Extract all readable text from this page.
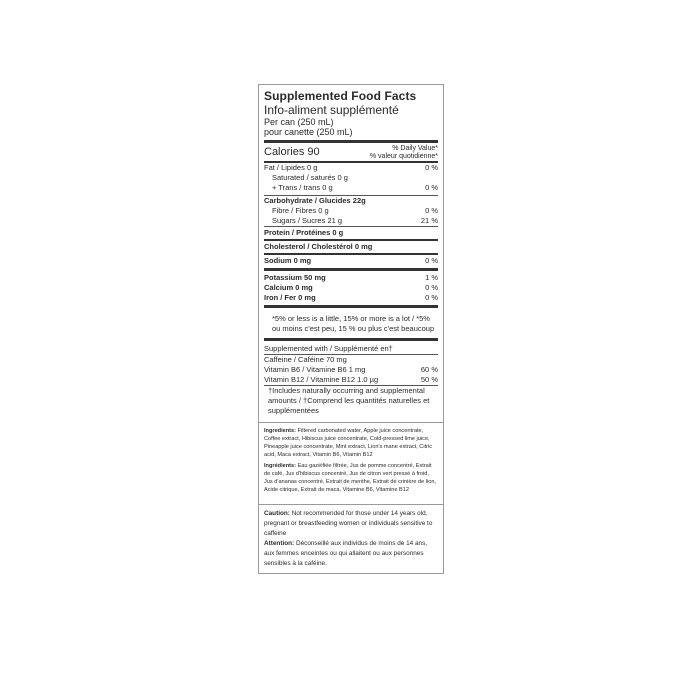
Supplemented Food Facts
Info-aliment supplémenté
Per can (250 mL)
pour canette (250 mL)
Calories 90	% Daily Value*
% valeur quotidienne*
Fat / Lipides 0 g	0 %
Saturated / saturés 0 g
+ Trans / trans 0 g	0 %
Carbohydrate / Glucides 22g
Fibre / Fibres 0 g	0 %
Sugars / Sucres 21 g	21 %
Protein / Protéines 0 g
Cholesterol / Cholestérol 0 mg
Sodium 0 mg	0 %
Potassium 50 mg	1 %
Calcium 0 mg	0 %
Iron / Fer 0 mg	0 %
*5% or less is a little, 15% or more is a lot / *5% ou moins c'est peu, 15 % ou plus c'est beaucoup
Supplemented with / Supplémenté en†
Caffeine / Caféine 70 mg
Vitamin B6 / Vitamine B6 1 mg	60 %
Vitamin B12 / Vitamine B12 1.0 µg	50 %
†Includes naturally occurring and supplemental amounts / †Comprend les quantités naturelles et supplémentées
Ingredients: Filtered carbonated water, Apple juice concentrate, Coffee extract, Hibiscus juice concentrate, Cold-pressed lime juice, Pineapple juice concentrate, Mint extract, Lion's mane extract, Citric acid, Maca extract, Vitamin B6, Vitamin B12
Ingrédients: Eau gazéifiée filtrée, Jus de pomme concentré, Extrait de café, Jus d'hibiscus concentré, Jus de citron vert pressé à froid, Jus d'ananas concentré, Extrait de menthe, Extrait de crinière de lion, Acide citrique, Extrait de maca, Vitamine B6, Vitamine B12
Caution: Not recommended for those under 14 years old, pregnant or breastfeeding women or individuals sensitive to caffeine
Attention: Déconseillé aux individus de moins de 14 ans, aux femmes enceintes ou qui allaitent ou aux personnes sensibles à la caféine.
